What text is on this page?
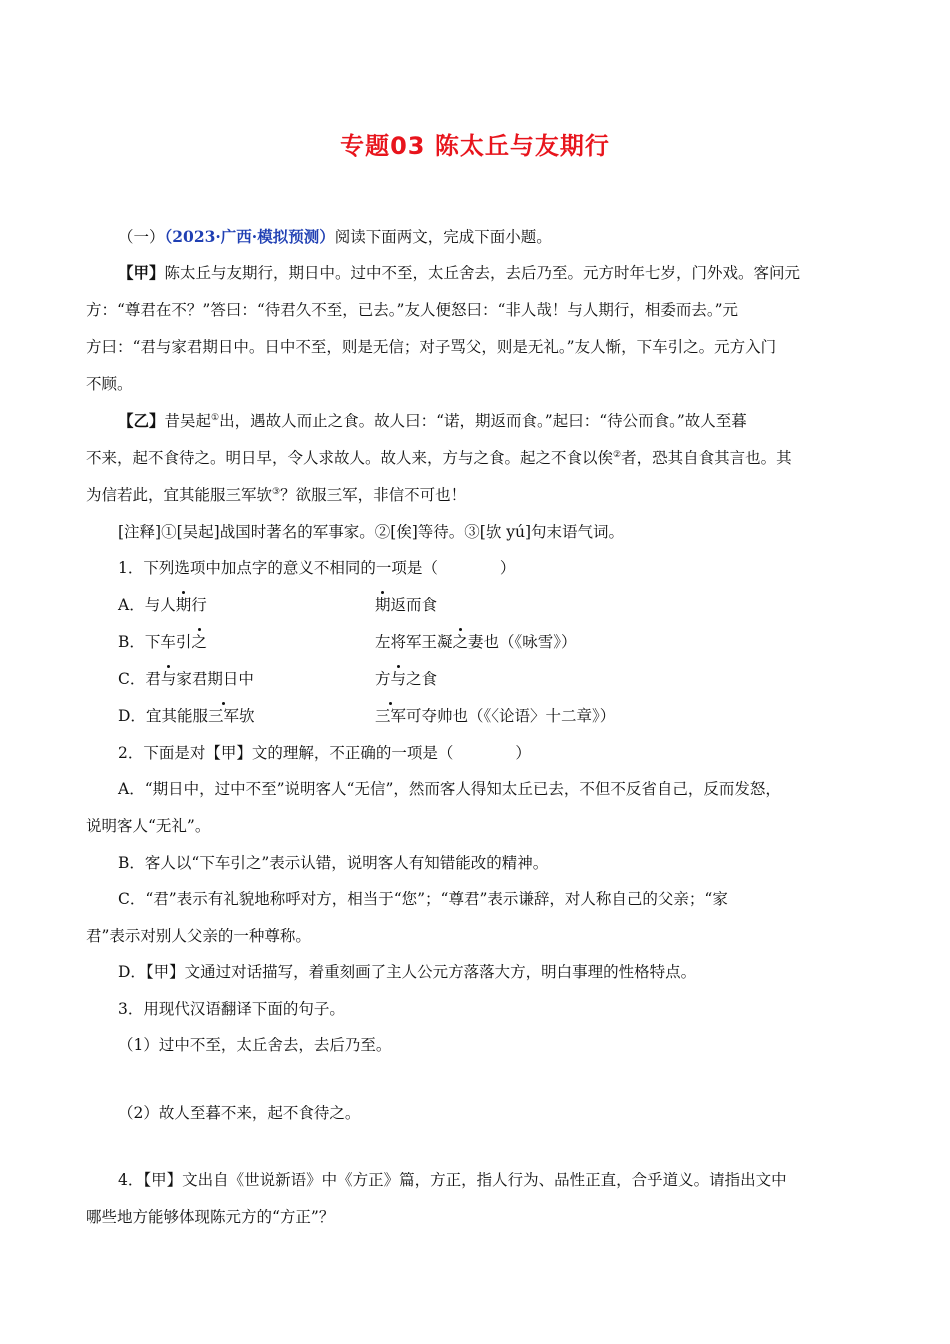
专题03 陈太丘与友期行
（一）（2023·广西·模拟预测）阅读下面两文，完成下面小题。
【甲】陈太丘与友期行，期日中。过中不至，太丘舍去，去后乃至。元方时年七岁，门外戏。客问元
方：“尊君在不？”答曰：“待君久不至，已去。”友人便怒曰：“非人哉！与人期行，相委而去。”元
方曰：“君与家君期日中。日中不至，则是无信；对子骂父，则是无礼。”友人惭，下车引之。元方入门
不顾。
【乙】昔吴起①出，遇故人而止之食。故人曰：“诺，期返而食。”起曰：“待公而食。”故人至暮
不来，起不食待之。明日早，令人求故人。故人来，方与之食。起之不食以俟②者，恐其自食其言也。其
为信若此，宜其能服三军欤③？欲服三军，非信不可也！
[注释]①[吴起]战国时著名的军事家。②[俟]等待。③[欤 yú]句末语气词。
1．下列选项中加点字的意义不相同的一项是（　　　　）
A．与人期行	期返而食
B．下车引之	左将军王凝之妻也（《咏雪》）
C．君与家君期日中	方与之食
D．宜其能服三军欤	三军可夺帅也（《〈论语〉十二章》）
2．下面是对【甲】文的理解，不正确的一项是（　　　　）
A．“期日中，过中不至”说明客人“无信”，然而客人得知太丘已去，不但不反省自己，反而发怒，
说明客人“无礼”。
B．客人以“下车引之”表示认错，说明客人有知错能改的精神。
C．“君”表示有礼貌地称呼对方，相当于“您”；“尊君”表示谦辞，对人称自己的父亲；“家
君”表示对别人父亲的一种尊称。
D．【甲】文通过对话描写，着重刻画了主人公元方落落大方，明白事理的性格特点。
3．用现代汉语翻译下面的句子。
（1）过中不至，太丘舍去，去后乃至。
（2）故人至暮不来，起不食待之。
4．【甲】文出自《世说新语》中《方正》篇，方正，指人行为、品性正直，合乎道义。请指出文中
哪些地方能够体现陈元方的“方正”？
